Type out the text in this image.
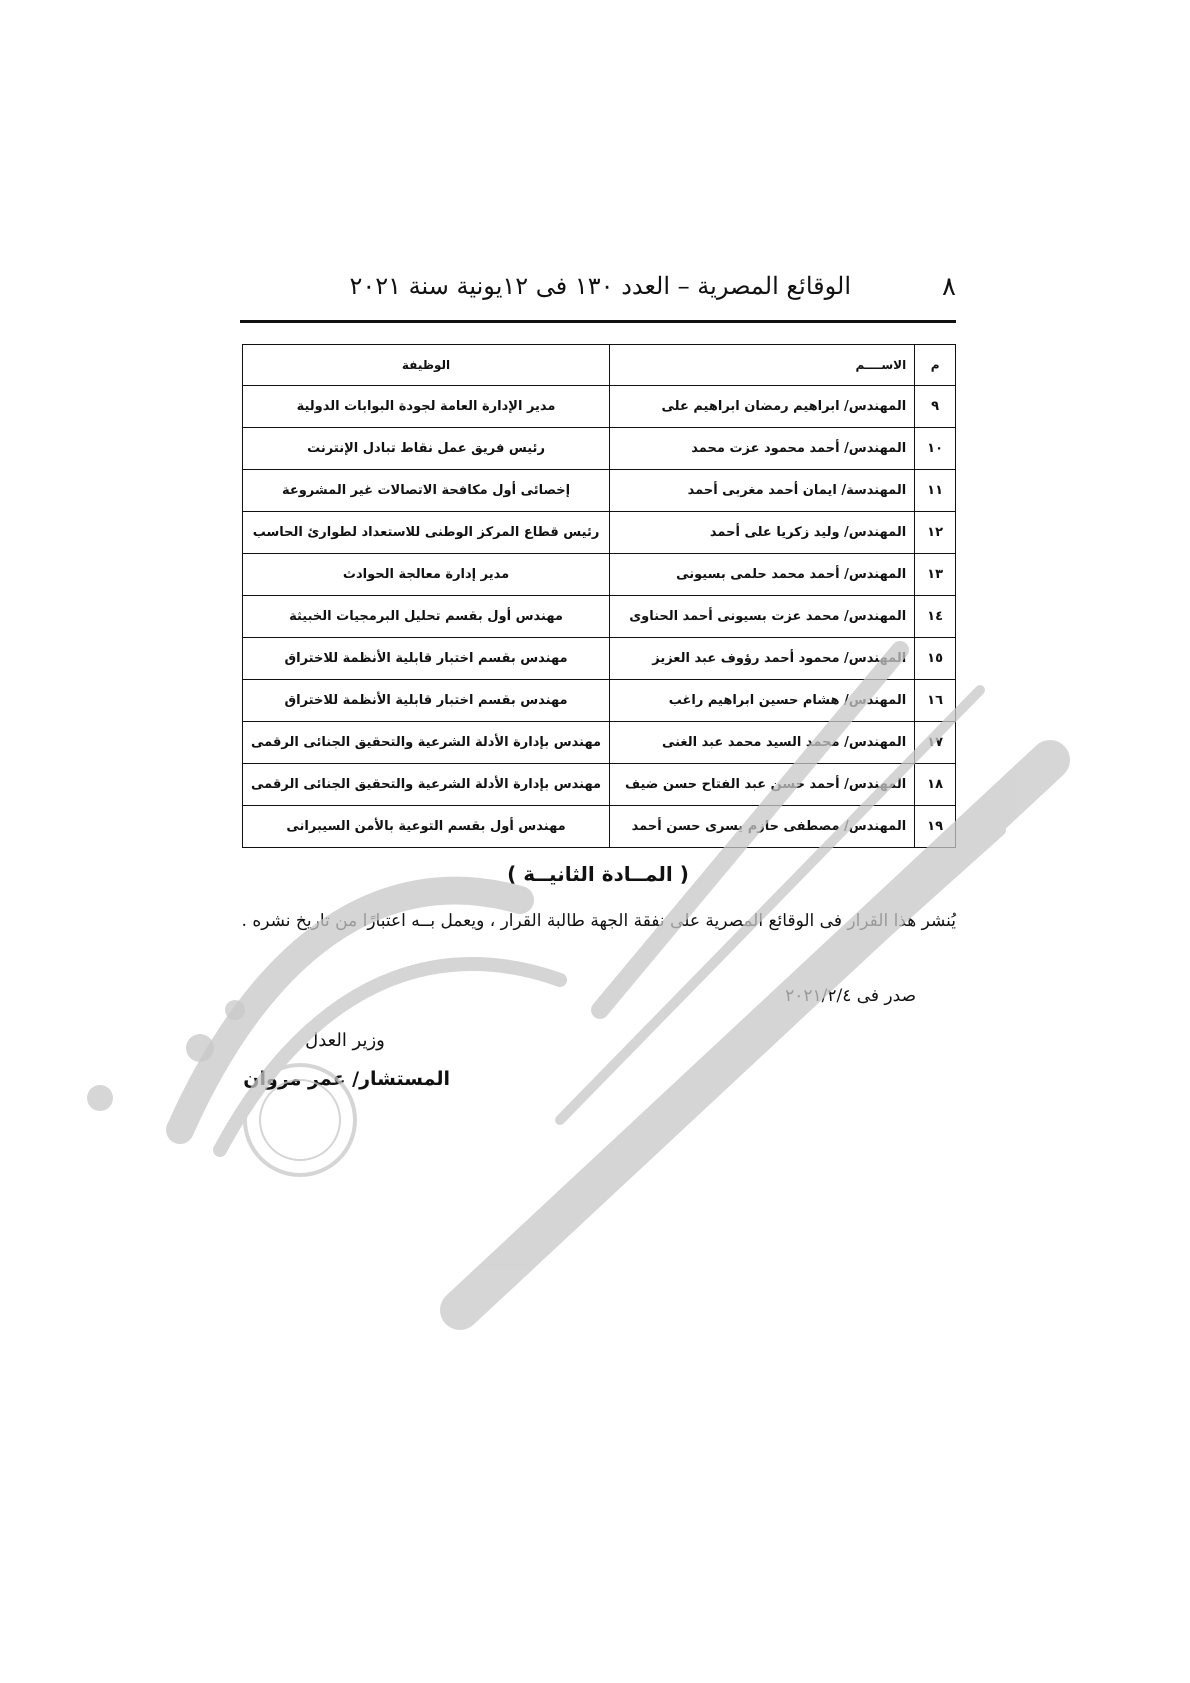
٨
الوقائع المصرية – العدد ١٣٠ فى ١٢يونية سنة ٢٠٢١
م	الاســــم	الوظيفة
٩	المهندس/ ابراهيم رمضان ابراهيم على	مدير الإدارة العامة لجودة البوابات الدولية
١٠	المهندس/ أحمد محمود عزت محمد	رئيس فريق عمل نقاط تبادل الإنترنت
١١	المهندسة/ ايمان أحمد مغربى أحمد	إخصائى أول مكافحة الاتصالات غير المشروعة
١٢	المهندس/ وليد زكريا على أحمد	رئيس قطاع المركز الوطنى للاستعداد لطوارئ الحاسب
١٣	المهندس/ أحمد محمد حلمى بسيونى	مدير إدارة معالجة الحوادث
١٤	المهندس/ محمد عزت بسيونى أحمد الحناوى	مهندس أول بقسم تحليل البرمجيات الخبيثة
١٥	المهندس/ محمود أحمد رؤوف عبد العزيز	مهندس بقسم اختبار قابلية الأنظمة للاختراق
١٦	المهندس/ هشام حسين ابراهيم راغب	مهندس بقسم اختبار قابلية الأنظمة للاختراق
١٧	المهندس/ محمد السيد محمد عبد الغنى	مهندس بإدارة الأدلة الشرعية والتحقيق الجنائى الرقمى
١٨	المهندس/ أحمد حسن عبد الفتاح حسن ضيف	مهندس بإدارة الأدلة الشرعية والتحقيق الجنائى الرقمى
١٩	المهندس/ مصطفى حازم يسرى حسن أحمد	مهندس أول بقسم التوعية بالأمن السيبرانى
( المــادة الثانيــة )
يُنشر هذا القرار فى الوقائع المصرية على نفقة الجهة طالبة القرار ، ويعمل بــه اعتبارًا من تاريخ نشره .
صدر فى ٢٠٢١/٢/٤
وزير العدل
المستشار/ عمر مروان
